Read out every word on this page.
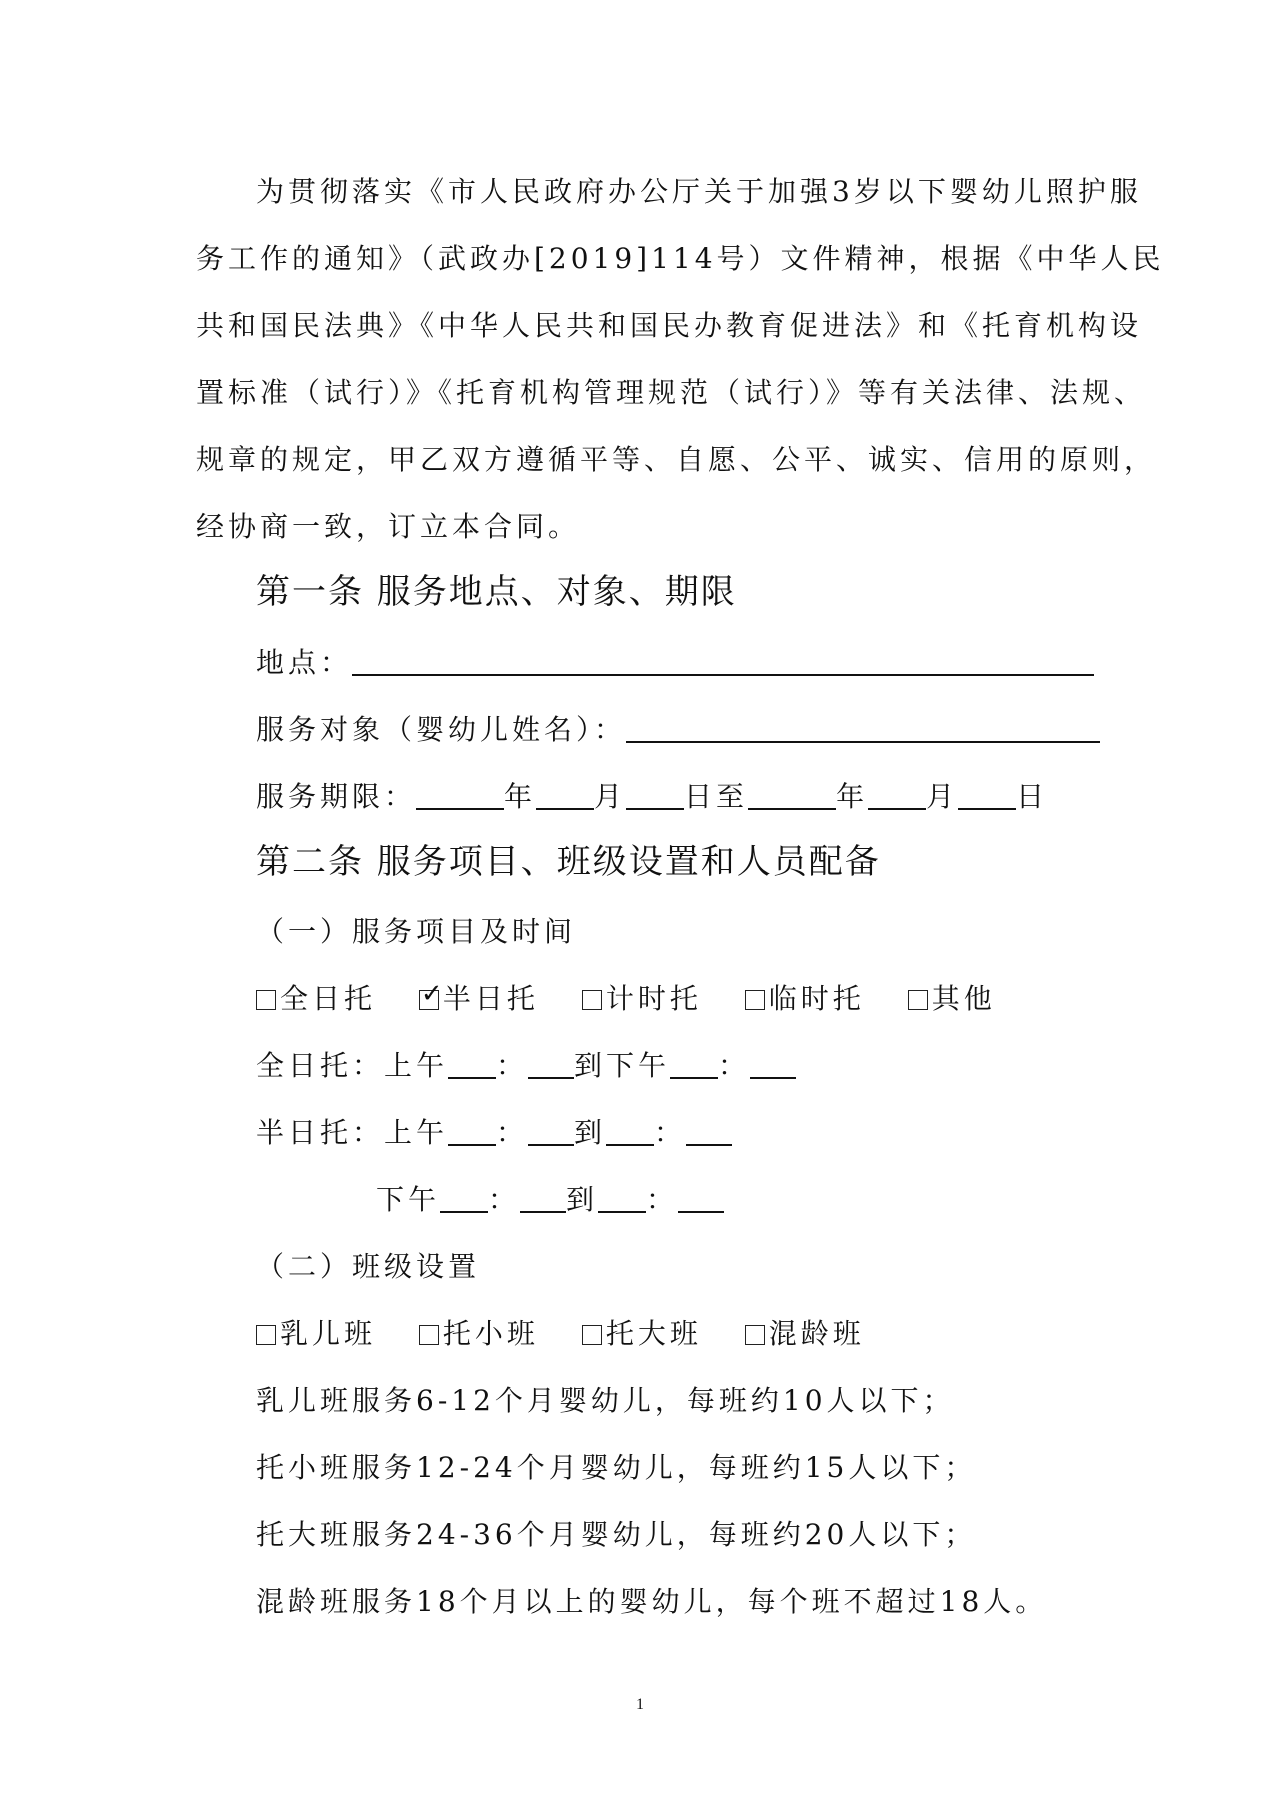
为贯彻落实《市人民政府办公厅关于加强3岁以下婴幼儿照护服
务工作的通知》（武政办[2019]114号）文件精神，根据《中华人民
共和国民法典》《中华人民共和国民办教育促进法》和《托育机构设
置标准（试行）》《托育机构管理规范（试行）》等有关法律、法规、
规章的规定，甲乙双方遵循平等、自愿、公平、诚实、信用的原则，
经协商一致，订立本合同。
第一条 服务地点、对象、期限
地点：
服务对象（婴幼儿姓名）：
服务期限：	年 月 日至	年 月 日
第二条 服务项目、班级设置和人员配备
（一）服务项目及时间
全日托 ✓ 半日托 计时托 临时托 其他
全日托：上午 ： 到下午 ：
半日托：上午 ： 到 ：
下午 ： 到 ：
（二）班级设置
乳儿班 托小班 托大班 混龄班
乳儿班服务6-12个月婴幼儿，每班约10人以下；
托小班服务12-24个月婴幼儿，每班约15人以下；
托大班服务24-36个月婴幼儿，每班约20人以下；
混龄班服务18个月以上的婴幼儿，每个班不超过18人。
1
